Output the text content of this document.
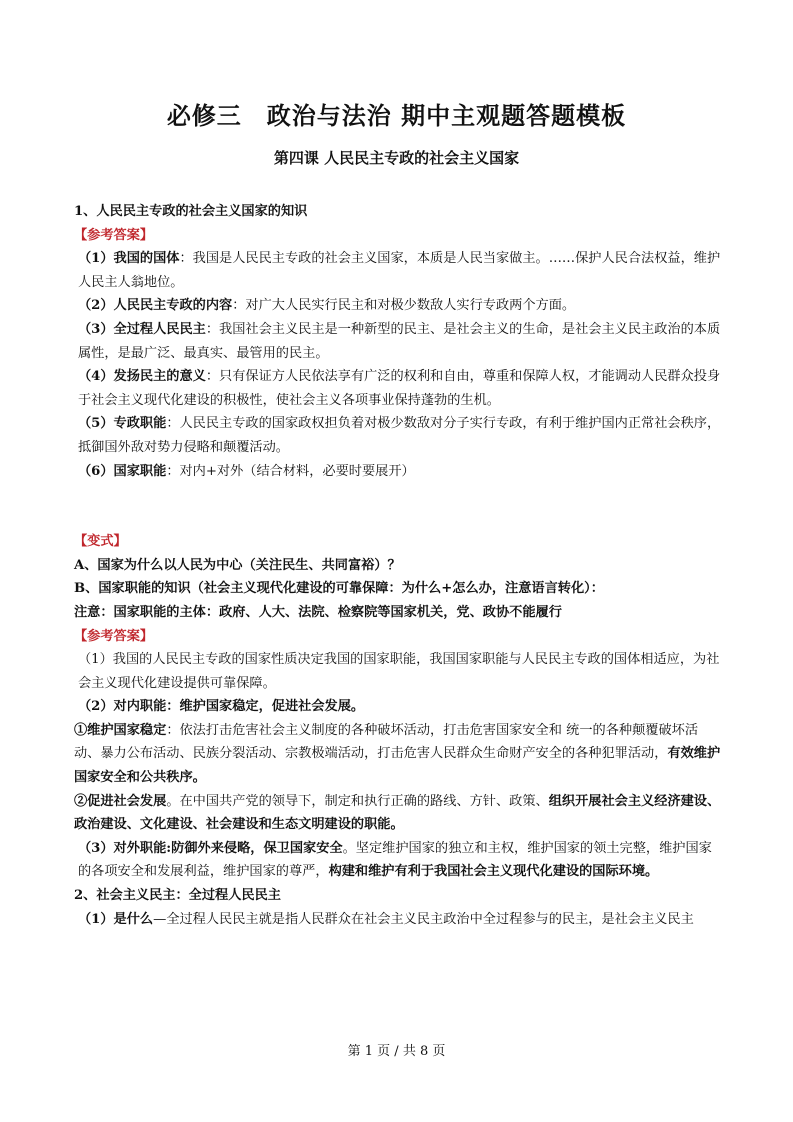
必修三　政治与法治 期中主观题答题模板
第四课 人民民主专政的社会主义国家

1、人民民主专政的社会主义国家的知识

【参考答案】

（1）我国的国体：我国是人民民主专政的社会主义国家，本质是人民当家做主。……保护人民合法权益，维护人民主人翁地位。

（2）人民民主专政的内容：对广大人民实行民主和对极少数敌人实行专政两个方面。

（3）全过程人民民主：我国社会主义民主是一种新型的民主、是社会主义的生命，是社会主义民主政治的本质属性，是最广泛、最真实、最管用的民主。

（4）发扬民主的意义：只有保证方人民依法享有广泛的权利和自由，尊重和保障人权，才能调动人民群众投身于社会主义现代化建设的积极性，使社会主义各项事业保持蓬勃的生机。

（5）专政职能：人民民主专政的国家政权担负着对极少数敌对分子实行专政，有利于维护国内正常社会秩序，抵御国外敌对势力侵略和颠覆活动。

（6）国家职能：对内+对外（结合材料，必要时要展开）

【变式】

A、国家为什么以人民为中心（关注民生、共同富裕）？

B、国家职能的知识（社会主义现代化建设的可靠保障：为什么+怎么办，注意语言转化）：

注意：国家职能的主体：政府、人大、法院、检察院等国家机关，党、政协不能履行

【参考答案】

（1）我国的人民民主专政的国家性质决定我国的国家职能，我国国家职能与人民民主专政的国体相适应，为社会主义现代化建设提供可靠保障。

（2）对内职能：维护国家稳定，促进社会发展。

①维护国家稳定：依法打击危害社会主义制度的各种破坏活动，打击危害国家安全和 统一的各种颠覆破坏活动、暴力公布活动、民族分裂活动、宗教极端活动，打击危害人民群众生命财产安全的各种犯罪活动，有效维护国家安全和公共秩序。

②促进社会发展。在中国共产党的领导下，制定和执行正确的路线、方针、政策、组织开展社会主义经济建设、政治建设、文化建设、社会建设和生态文明建设的职能。

（3）对外职能:防御外来侵略，保卫国家安全。坚定维护国家的独立和主权，维护国家的领土完整，维护国家的各项安全和发展利益，维护国家的尊严，构建和维护有利于我国社会主义现代化建设的国际环境。

2、社会主义民主：全过程人民民主

（1）是什么—全过程人民民主就是指人民群众在社会主义民主政治中全过程参与的民主，是社会主义民主

第 1 页 / 共 8 页
